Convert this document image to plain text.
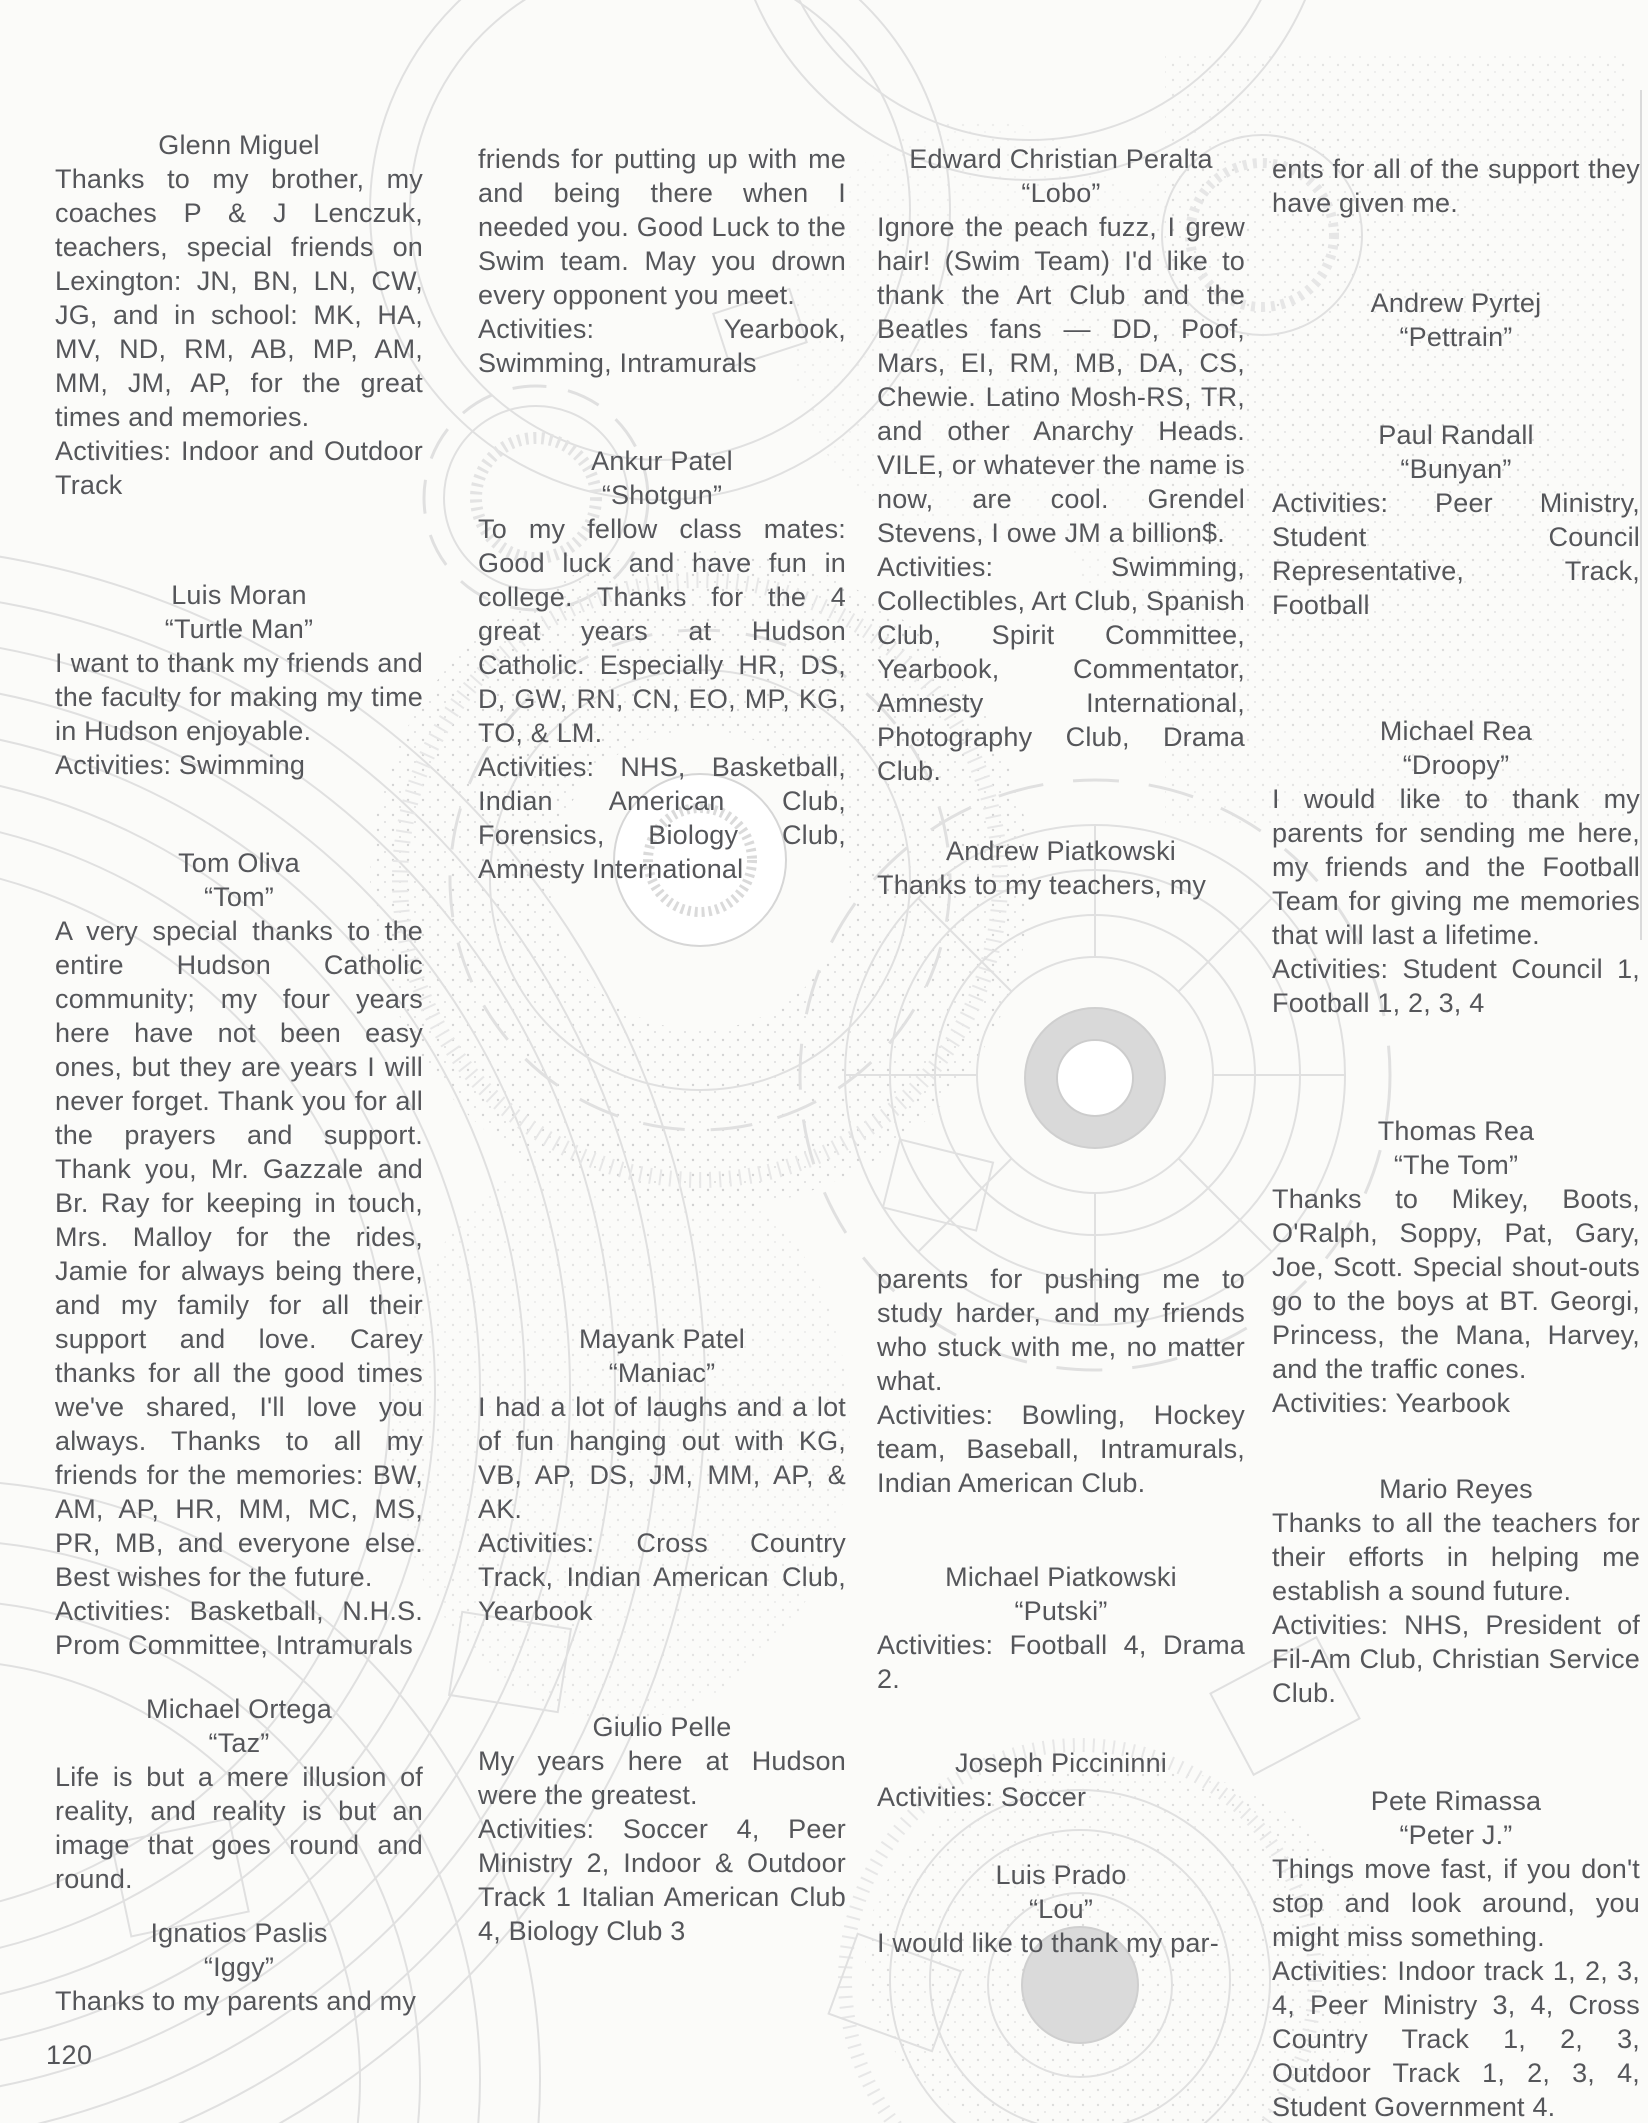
Glenn Miguel
Thanks to my brother, my coaches P & J Lenczuk, teachers, special friends on Lexington: JN, BN, LN, CW, JG, and in school: MK, HA, MV, ND, RM, AB, MP, AM, MM, JM, AP, for the great times and memories.
Activities: Indoor and Outdoor Track
Luis Moran
“Turtle Man”
I want to thank my friends and the faculty for making my time in Hudson enjoyable.
Activities: Swimming
Tom Oliva
“Tom”
A very special thanks to the entire Hudson Catholic community; my four years here have not been easy ones, but they are years I will never forget. Thank you for all the prayers and support. Thank you, Mr. Gazzale and Br. Ray for keeping in touch, Mrs. Malloy for the rides, Jamie for always being there, and my family for all their support and love. Carey thanks for all the good times we've shared, I'll love you always. Thanks to all my friends for the memories: BW, AM, AP, HR, MM, MC, MS, PR, MB, and everyone else. Best wishes for the future.
Activities: Basketball, N.H.S. Prom Committee, Intramurals
Michael Ortega
“Taz”
Life is but a mere illusion of reality, and reality is but an image that goes round and round.
Ignatios Paslis
“Iggy”
Thanks to my parents and my
friends for putting up with me and being there when I needed you. Good Luck to the Swim team. May you drown every opponent you meet.
Activities: Yearbook, Swimming, Intramurals
Ankur Patel
“Shotgun”
To my fellow class mates: Good luck and have fun in college. Thanks for the 4 great years at Hudson Catholic. Especially HR, DS, D, GW, RN, CN, EO, MP, KG, TO, & LM.
Activities: NHS, Basketball, Indian American Club, Forensics, Biology Club, Amnesty International
Mayank Patel
“Maniac”
I had a lot of laughs and a lot of fun hanging out with KG, VB, AP, DS, JM, MM, AP, & AK.
Activities: Cross Country Track, Indian American Club, Yearbook
Giulio Pelle
My years here at Hudson were the greatest.
Activities: Soccer 4, Peer Ministry 2, Indoor & Outdoor Track 1 Italian American Club 4, Biology Club 3
Edward Christian Peralta
“Lobo”
Ignore the peach fuzz, I grew hair! (Swim Team) I'd like to thank the Art Club and the Beatles fans — DD, Poof, Mars, EI, RM, MB, DA, CS, Chewie. Latino Mosh-RS, TR, and other Anarchy Heads. VILE, or whatever the name is now, are cool. Grendel Stevens, I owe JM a billion$.
Activities: Swimming, Collectibles, Art Club, Spanish Club, Spirit Committee, Yearbook, Commentator, Amnesty International, Photography Club, Drama Club.
Andrew Piatkowski
Thanks to my teachers, my
parents for pushing me to study harder, and my friends who stuck with me, no matter what.
Activities: Bowling, Hockey team, Baseball, Intramurals, Indian American Club.
Michael Piatkowski
“Putski”
Activities: Football 4, Drama 2.
Joseph Piccininni
Activities: Soccer
Luis Prado
“Lou”
I would like to thank my par-
ents for all of the support they have given me.
Andrew Pyrtej
“Pettrain”
Paul Randall
“Bunyan”
Activities: Peer Ministry, Student Council Representative, Track, Football
Michael Rea
“Droopy”
I would like to thank my parents for sending me here, my friends and the Football Team for giving me memories that will last a lifetime.
Activities: Student Council 1, Football 1, 2, 3, 4
Thomas Rea
“The Tom”
Thanks to Mikey, Boots, O'Ralph, Soppy, Pat, Gary, Joe, Scott. Special shout-outs go to the boys at BT. Georgi, Princess, the Mana, Harvey, and the traffic cones.
Activities: Yearbook
Mario Reyes
Thanks to all the teachers for their efforts in helping me establish a sound future.
Activities: NHS, President of Fil-Am Club, Christian Service Club.
Pete Rimassa
“Peter J.”
Things move fast, if you don't stop and look around, you might miss something.
Activities: Indoor track 1, 2, 3, 4, Peer Ministry 3, 4, Cross Country Track 1, 2, 3, Outdoor Track 1, 2, 3, 4, Student Government 4.
120
